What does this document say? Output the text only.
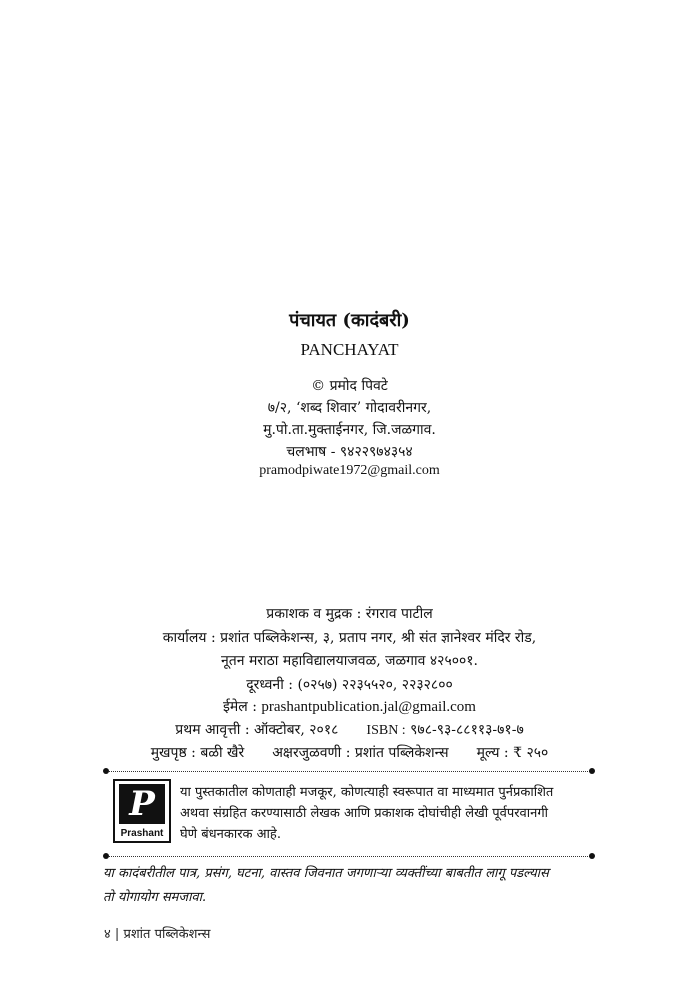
पंचायत (कादंबरी)
PANCHAYAT
© प्रमोद पिवटे
७/२, ‘शब्द शिवार’ गोदावरीनगर,
मु.पो.ता.मुक्ताईनगर, जि.जळगाव.
चलभाष - ९४२२९७४३५४
pramodpiwate1972@gmail.com
प्रकाशक व मुद्रक : रंगराव पाटील
कार्यालय : प्रशांत पब्लिकेशन्स, ३, प्रताप नगर, श्री संत ज्ञानेश्वर मंदिर रोड,
नूतन मराठा महाविद्यालयाजवळ, जळगाव ४२५००१.
दूरध्वनी : (०२५७) २२३५५२०, २२३२८००
ईमेल : prashantpublication.jal@gmail.com
प्रथम आवृत्ती : ऑक्टोबर, २०१८ ISBN : ९७८-९३-८८११३-७१-७
मुखपृष्ठ : बळी खैरे अक्षरजुळवणी : प्रशांत पब्लिकेशन्स मूल्य : ₹ २५०
P
Prashant
या पुस्तकातील कोणताही मजकूर, कोणत्याही स्वरूपात वा माध्यमात पुर्नप्रकाशित
अथवा संग्रहित करण्यासाठी लेखक आणि प्रकाशक दोघांचीही लेखी पूर्वपरवानगी
घेणे बंधनकारक आहे.
या कादंबरीतील पात्र, प्रसंग, घटना, वास्तव जिवनात जगणाऱ्या व्यक्तींच्या बाबतीत लागू पडल्यास
तो योगायोग समजावा.
४ | प्रशांत पब्लिकेशन्स
